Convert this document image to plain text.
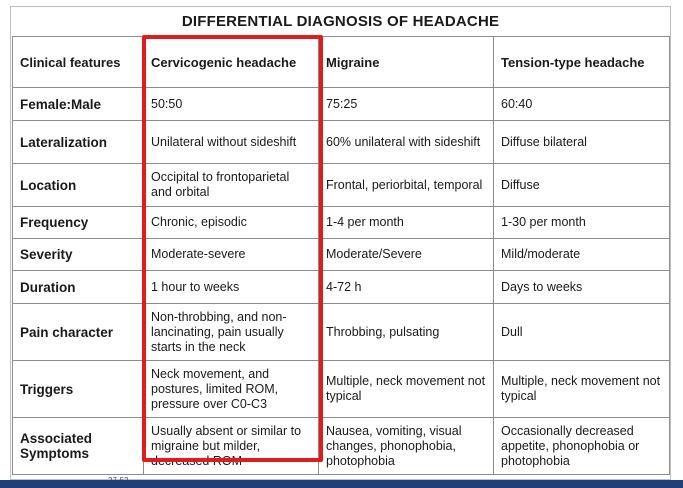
DIFFERENTIAL DIAGNOSIS OF HEADACHE
Clinical features	Cervicogenic headache	Migraine	Tension-type headache
Female:Male	50:50	75:25	60:40
Lateralization	Unilateral without sideshift	60% unilateral with sideshift	Diffuse bilateral
Location	Occipital to frontoparietal and orbital	Frontal, periorbital, temporal	Diffuse
Frequency	Chronic, episodic	1-4 per month	1-30 per month
Severity	Moderate-severe	Moderate/Severe	Mild/moderate
Duration	1 hour to weeks	4-72 h	Days to weeks
Pain character	Non-throbbing, and non-lancinating, pain usually starts in the neck	Throbbing, pulsating	Dull
Triggers	Neck movement, and postures, limited ROM, pressure over C0-C3	Multiple, neck movement not typical	Multiple, neck movement not typical
Associated Symptoms	Usually absent or similar to migraine but milder, decreased ROM	Nausea, vomiting, visual changes, phonophobia, photophobia	Occasionally decreased appetite, phonophobia or photophobia
